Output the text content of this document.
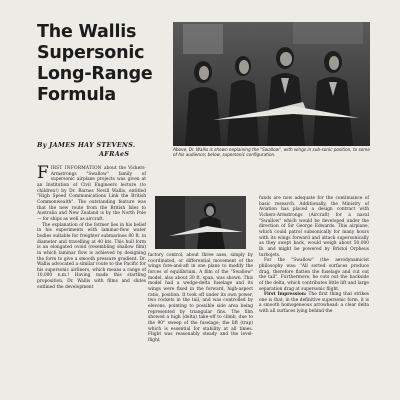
The Wallis
Supersonic
Long-Range
Formula
By JAMES HAY STEVENS.
AFRAeS
Above, Dr. Wallis is shown explaining the "Swallow", with wings in sub-sonic position, to some of his audience; below, supersonic configuration.

FIRST INFORMATION about the Vickers-Armstrongs "Swallow" family of supersonic airplane projects was given at an Institution of Civil Engineers lecture (to children!) by Dr. Barnes Nevill Wallis, entitled "High Speed Communications Link the British Commonwealth". The outstanding feature was that the new route from the British Isles to Australia and New Zealand is by the North Pole — for ships as well as aircraft.

The explanation of the former lies in his belief in his experiments with laminar-flow water bodies suitable for freighter submarines 80 ft. in diameter and travelling at 40 kts. This hull form is an elongated ovoid (resembling shallow film) in which laminar flow is achieved by designing the form to give a smooth pressure gradient. Dr. Wallis advocated a similar route to the Pacific for his supersonic airliners, which means a range of 10,000 n.m.! Having made this startling proposition, Dr. Wallis with films and slides outlined the development

factory control, about three axes, simply by coordinated, or differential movement of the wings fore-and-aft in one plane to modify the forces of equilibrium. A film of the "Swallow" model, also about 30 ft. span, was shown. This model had a wedge-delta fuselage and its wings were fixed in the forward, high-aspect ratio, position. It took off under its own power, two rockets in the tail, and was controlled by elevons, pointing to possible side area being represented by triangular fins. The film showed a high (delta) take-off to climb, due to the 90° sweep of the fuselage; the lift (trap) which is essential for stability at all times. Flight was reasonably steady and the level-flight

funds are now adequate for the continuance of basic research. Additionally, the Ministry of Aviation has placed a design contract with Vickers-Armstrongs (Aircraft) for a naval "Swallow" which would be developed under the direction of Sir George Edwards. This airplane, which could patrol subsonically for many hours with its wings forward and attack supersonically as they swept back, would weigh about 50,000 lb. and might be powered by Bristol Orpheus turbojets.

For the "Swallow" (the aerodynamicist philosophy was: "All sorted surfaces produce drag, therefore flatten the fuselage and cut out the tail". Furthermore, he cuts out the backside of the delta, which contributes little lift and large separation drag at supersonic flight.

First Impression: The first thing that strikes one is that, in the definitive supersonic form, it is a smooth homogeneous arrowhead: a clear delta with all surfaces lying behind the
